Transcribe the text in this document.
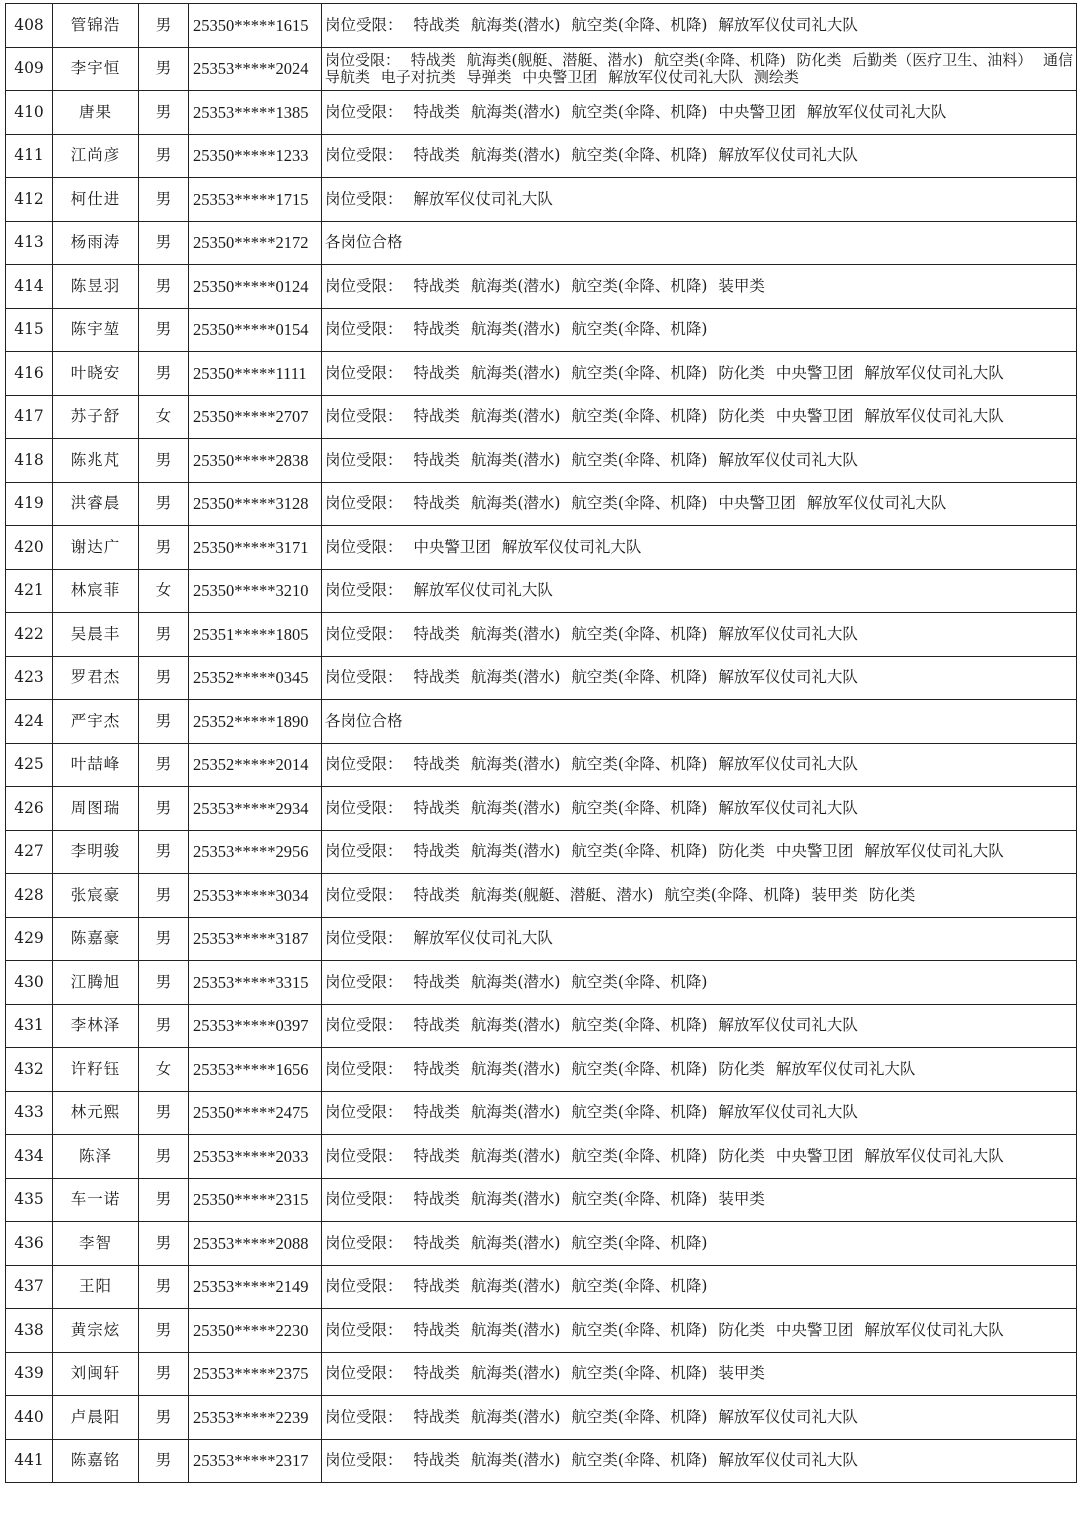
408	管锦浩	男	25350*****1615	岗位受限： 特战类 航海类(潜水) 航空类(伞降、机降) 解放军仪仗司礼大队
409	李宇恒	男	25353*****2024	岗位受限： 特战类 航海类(舰艇、潜艇、潜水) 航空类(伞降、机降) 防化类 后勤类（医疗卫生、油料） 通信导航类 电子对抗类 导弹类 中央警卫团 解放军仪仗司礼大队 测绘类
410	唐果	男	25353*****1385	岗位受限： 特战类 航海类(潜水) 航空类(伞降、机降) 中央警卫团 解放军仪仗司礼大队
411	江尚彦	男	25350*****1233	岗位受限： 特战类 航海类(潜水) 航空类(伞降、机降) 解放军仪仗司礼大队
412	柯仕进	男	25353*****1715	岗位受限： 解放军仪仗司礼大队
413	杨雨涛	男	25350*****2172	各岗位合格
414	陈昱羽	男	25350*****0124	岗位受限： 特战类 航海类(潜水) 航空类(伞降、机降) 装甲类
415	陈宇堃	男	25350*****0154	岗位受限： 特战类 航海类(潜水) 航空类(伞降、机降)
416	叶晓安	男	25350*****1111	岗位受限： 特战类 航海类(潜水) 航空类(伞降、机降) 防化类 中央警卫团 解放军仪仗司礼大队
417	苏子舒	女	25350*****2707	岗位受限： 特战类 航海类(潜水) 航空类(伞降、机降) 防化类 中央警卫团 解放军仪仗司礼大队
418	陈兆芃	男	25350*****2838	岗位受限： 特战类 航海类(潜水) 航空类(伞降、机降) 解放军仪仗司礼大队
419	洪睿晨	男	25350*****3128	岗位受限： 特战类 航海类(潜水) 航空类(伞降、机降) 中央警卫团 解放军仪仗司礼大队
420	谢达广	男	25350*****3171	岗位受限： 中央警卫团 解放军仪仗司礼大队
421	林宸菲	女	25350*****3210	岗位受限： 解放军仪仗司礼大队
422	吴晨丰	男	25351*****1805	岗位受限： 特战类 航海类(潜水) 航空类(伞降、机降) 解放军仪仗司礼大队
423	罗君杰	男	25352*****0345	岗位受限： 特战类 航海类(潜水) 航空类(伞降、机降) 解放军仪仗司礼大队
424	严宇杰	男	25352*****1890	各岗位合格
425	叶喆峰	男	25352*****2014	岗位受限： 特战类 航海类(潜水) 航空类(伞降、机降) 解放军仪仗司礼大队
426	周图瑞	男	25353*****2934	岗位受限： 特战类 航海类(潜水) 航空类(伞降、机降) 解放军仪仗司礼大队
427	李明骏	男	25353*****2956	岗位受限： 特战类 航海类(潜水) 航空类(伞降、机降) 防化类 中央警卫团 解放军仪仗司礼大队
428	张宸豪	男	25353*****3034	岗位受限： 特战类 航海类(舰艇、潜艇、潜水) 航空类(伞降、机降) 装甲类 防化类
429	陈嘉豪	男	25353*****3187	岗位受限： 解放军仪仗司礼大队
430	江腾旭	男	25353*****3315	岗位受限： 特战类 航海类(潜水) 航空类(伞降、机降)
431	李林泽	男	25353*****0397	岗位受限： 特战类 航海类(潜水) 航空类(伞降、机降) 解放军仪仗司礼大队
432	许籽钰	女	25353*****1656	岗位受限： 特战类 航海类(潜水) 航空类(伞降、机降) 防化类 解放军仪仗司礼大队
433	林元熙	男	25350*****2475	岗位受限： 特战类 航海类(潜水) 航空类(伞降、机降) 解放军仪仗司礼大队
434	陈泽	男	25353*****2033	岗位受限： 特战类 航海类(潜水) 航空类(伞降、机降) 防化类 中央警卫团 解放军仪仗司礼大队
435	车一诺	男	25350*****2315	岗位受限： 特战类 航海类(潜水) 航空类(伞降、机降) 装甲类
436	李智	男	25353*****2088	岗位受限： 特战类 航海类(潜水) 航空类(伞降、机降)
437	王阳	男	25353*****2149	岗位受限： 特战类 航海类(潜水) 航空类(伞降、机降)
438	黄宗炫	男	25350*****2230	岗位受限： 特战类 航海类(潜水) 航空类(伞降、机降) 防化类 中央警卫团 解放军仪仗司礼大队
439	刘闽轩	男	25353*****2375	岗位受限： 特战类 航海类(潜水) 航空类(伞降、机降) 装甲类
440	卢晨阳	男	25353*****2239	岗位受限： 特战类 航海类(潜水) 航空类(伞降、机降) 解放军仪仗司礼大队
441	陈嘉铭	男	25353*****2317	岗位受限： 特战类 航海类(潜水) 航空类(伞降、机降) 解放军仪仗司礼大队
